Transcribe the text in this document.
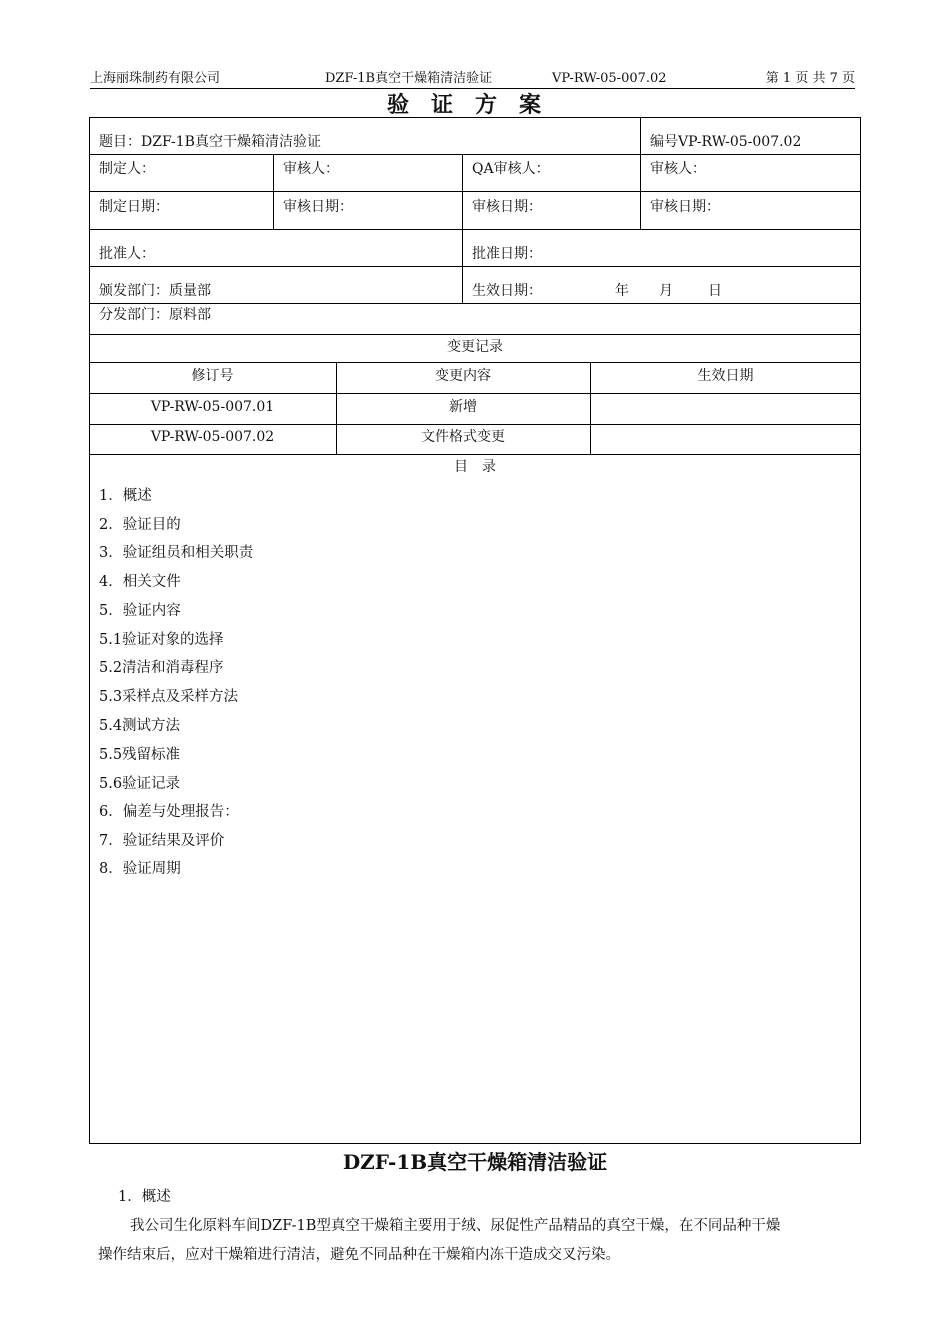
上海丽珠制药有限公司	DZF-1B真空干燥箱清洁验证	VP-RW-05-007.02	第 1 页 共 7 页
验证方案
题目：DZF-1B真空干燥箱清洁验证	编号VP-RW-05-007.02
制定人：	审核人：	QA审核人：	审核人：
制定日期：	审核日期：	审核日期：	审核日期：
批准人：	批准日期：
颁发部门：质量部	生效日期：	年 月	日
分发部门：原料部
变更记录
修订号	变更内容	生效日期
VP-RW-05-007.01	新增
VP-RW-05-007.02	文件格式变更
目　录
1．概述
2．验证目的
3．验证组员和相关职责
4．相关文件
5．验证内容
5.1验证对象的选择
5.2清洁和消毒程序
5.3采样点及采样方法
5.4测试方法
5.5残留标准
5.6验证记录
6．偏差与处理报告：
7．验证结果及评价
8．验证周期
DZF-1B真空干燥箱清洁验证
1．概述
我公司生化原料车间DZF-1B型真空干燥箱主要用于绒、尿促性产品精品的真空干燥，在不同品种干燥
操作结束后，应对干燥箱进行清洁，避免不同品种在干燥箱内冻干造成交叉污染。
